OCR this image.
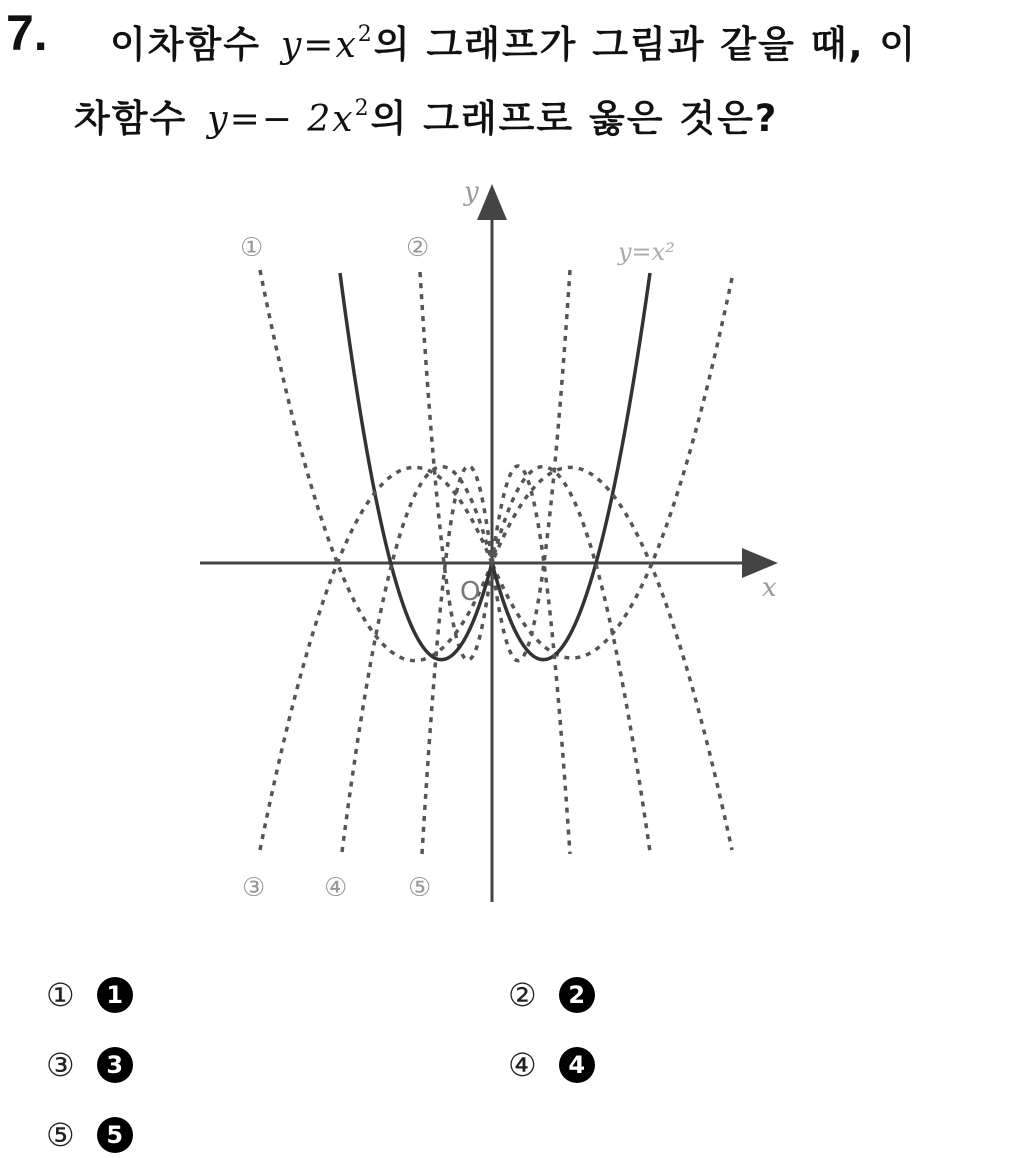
7. 이차함수 $y=x^2$의 그래프가 그림과 같을 때, 이
차함수 $y=- 2x^2$의 그래프로 옳은 것은?
y
x
O
y=x²
①	②
③ ④ ⑤
①	1	②	2
③	3	④	4
⑤	5
